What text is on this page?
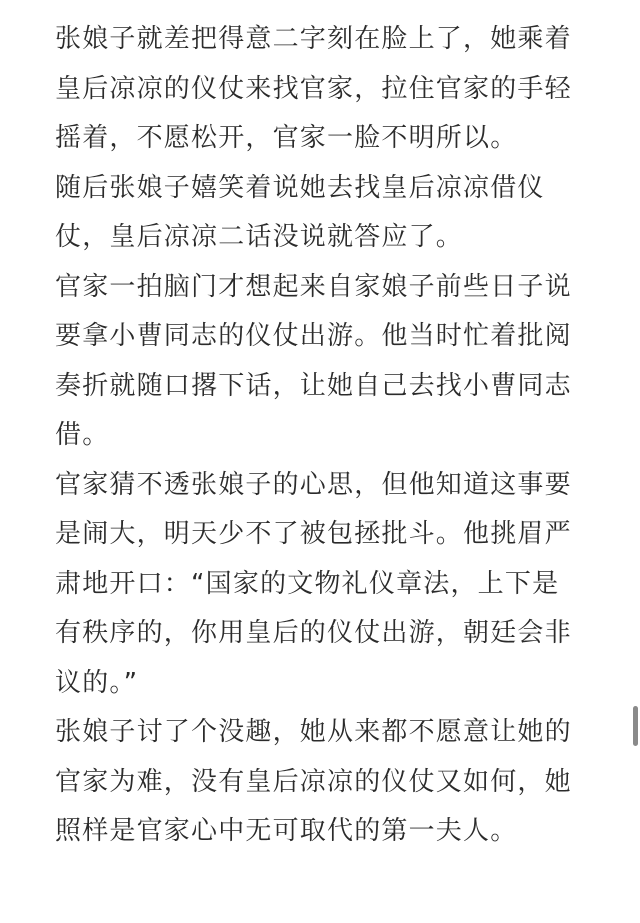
张娘子就差把得意二字刻在脸上了，她乘着

皇后凉凉的仪仗来找官家，拉住官家的手轻

摇着，不愿松开，官家一脸不明所以。

随后张娘子嬉笑着说她去找皇后凉凉借仪

仗，皇后凉凉二话没说就答应了。

官家一拍脑门才想起来自家娘子前些日子说

要拿小曹同志的仪仗出游。他当时忙着批阅

奏折就随口撂下话，让她自己去找小曹同志

借。

官家猜不透张娘子的心思，但他知道这事要

是闹大，明天少不了被包拯批斗。他挑眉严

肃地开口：“国家的文物礼仪章法，上下是

有秩序的，你用皇后的仪仗出游，朝廷会非

议的。”

张娘子讨了个没趣，她从来都不愿意让她的

官家为难，没有皇后凉凉的仪仗又如何，她

照样是官家心中无可取代的第一夫人。
